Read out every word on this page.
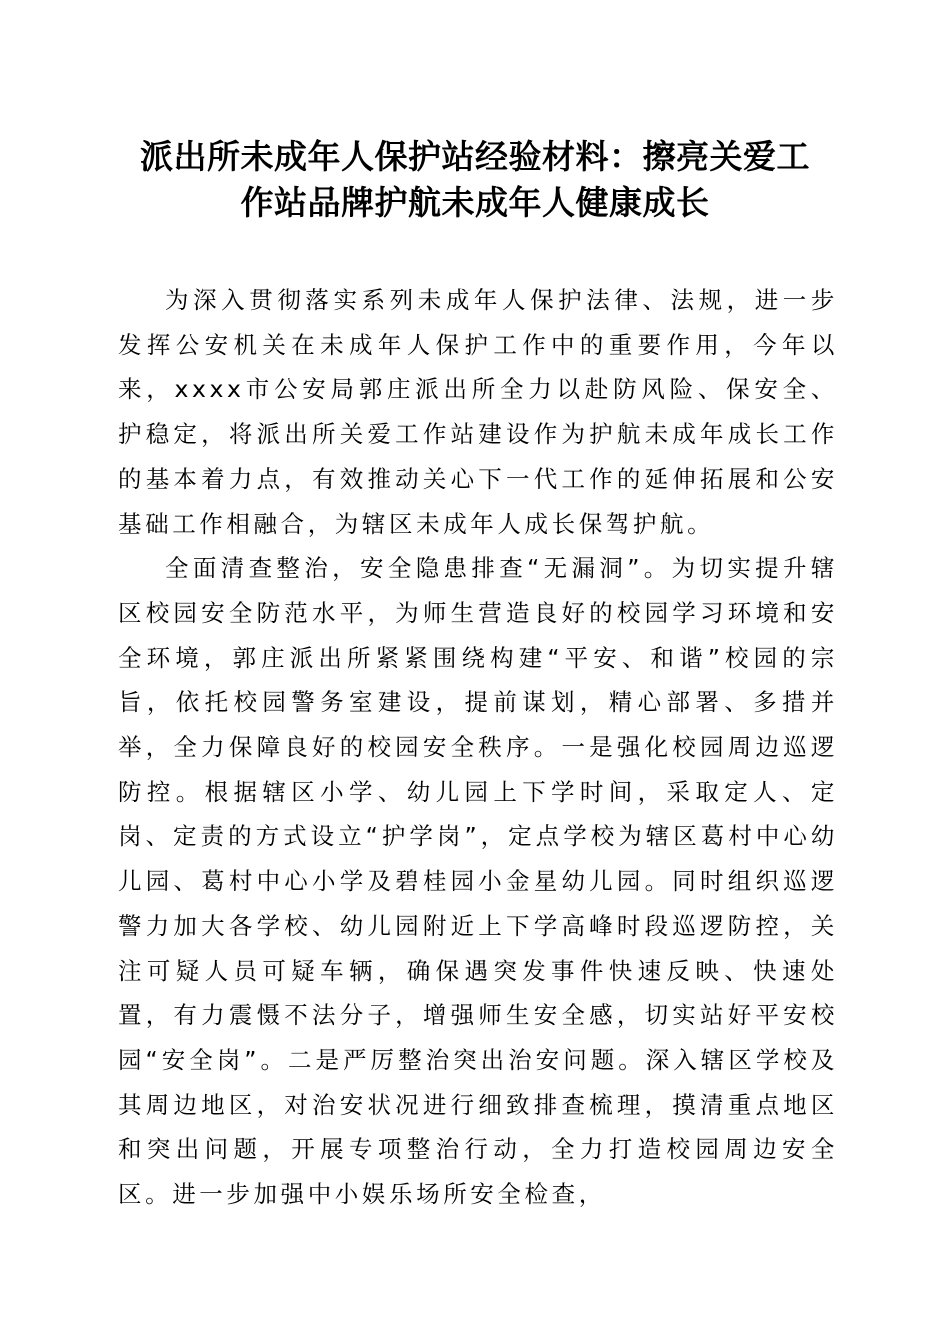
派出所未成年人保护站经验材料：擦亮关爱工
作站品牌护航未成年人健康成长

为深入贯彻落实系列未成年人保护法律、法规，进一步发挥公安机关在未成年人保护工作中的重要作用，今年以来，xxxx市公安局郭庄派出所全力以赴防风险、保安全、护稳定，将派出所关爱工作站建设作为护航未成年成长工作的基本着力点，有效推动关心下一代工作的延伸拓展和公安基础工作相融合，为辖区未成年人成长保驾护航。

全面清查整治，安全隐患排查“无漏洞”。为切实提升辖区校园安全防范水平，为师生营造良好的校园学习环境和安全环境，郭庄派出所紧紧围绕构建“平安、和谐”校园的宗旨，依托校园警务室建设，提前谋划，精心部署、多措并举，全力保障良好的校园安全秩序。一是强化校园周边巡逻防控。根据辖区小学、幼儿园上下学时间，采取定人、定岗、定责的方式设立“护学岗”，定点学校为辖区葛村中心幼儿园、葛村中心小学及碧桂园小金星幼儿园。同时组织巡逻警力加大各学校、幼儿园附近上下学高峰时段巡逻防控，关注可疑人员可疑车辆，确保遇突发事件快速反映、快速处置，有力震慑不法分子，增强师生安全感，切实站好平安校园“安全岗”。二是严厉整治突出治安问题。深入辖区学校及其周边地区，对治安状况进行细致排查梳理，摸清重点地区和突出问题，开展专项整治行动，全力打造校园周边安全区。进一步加强中小娱乐场所安全检查，
